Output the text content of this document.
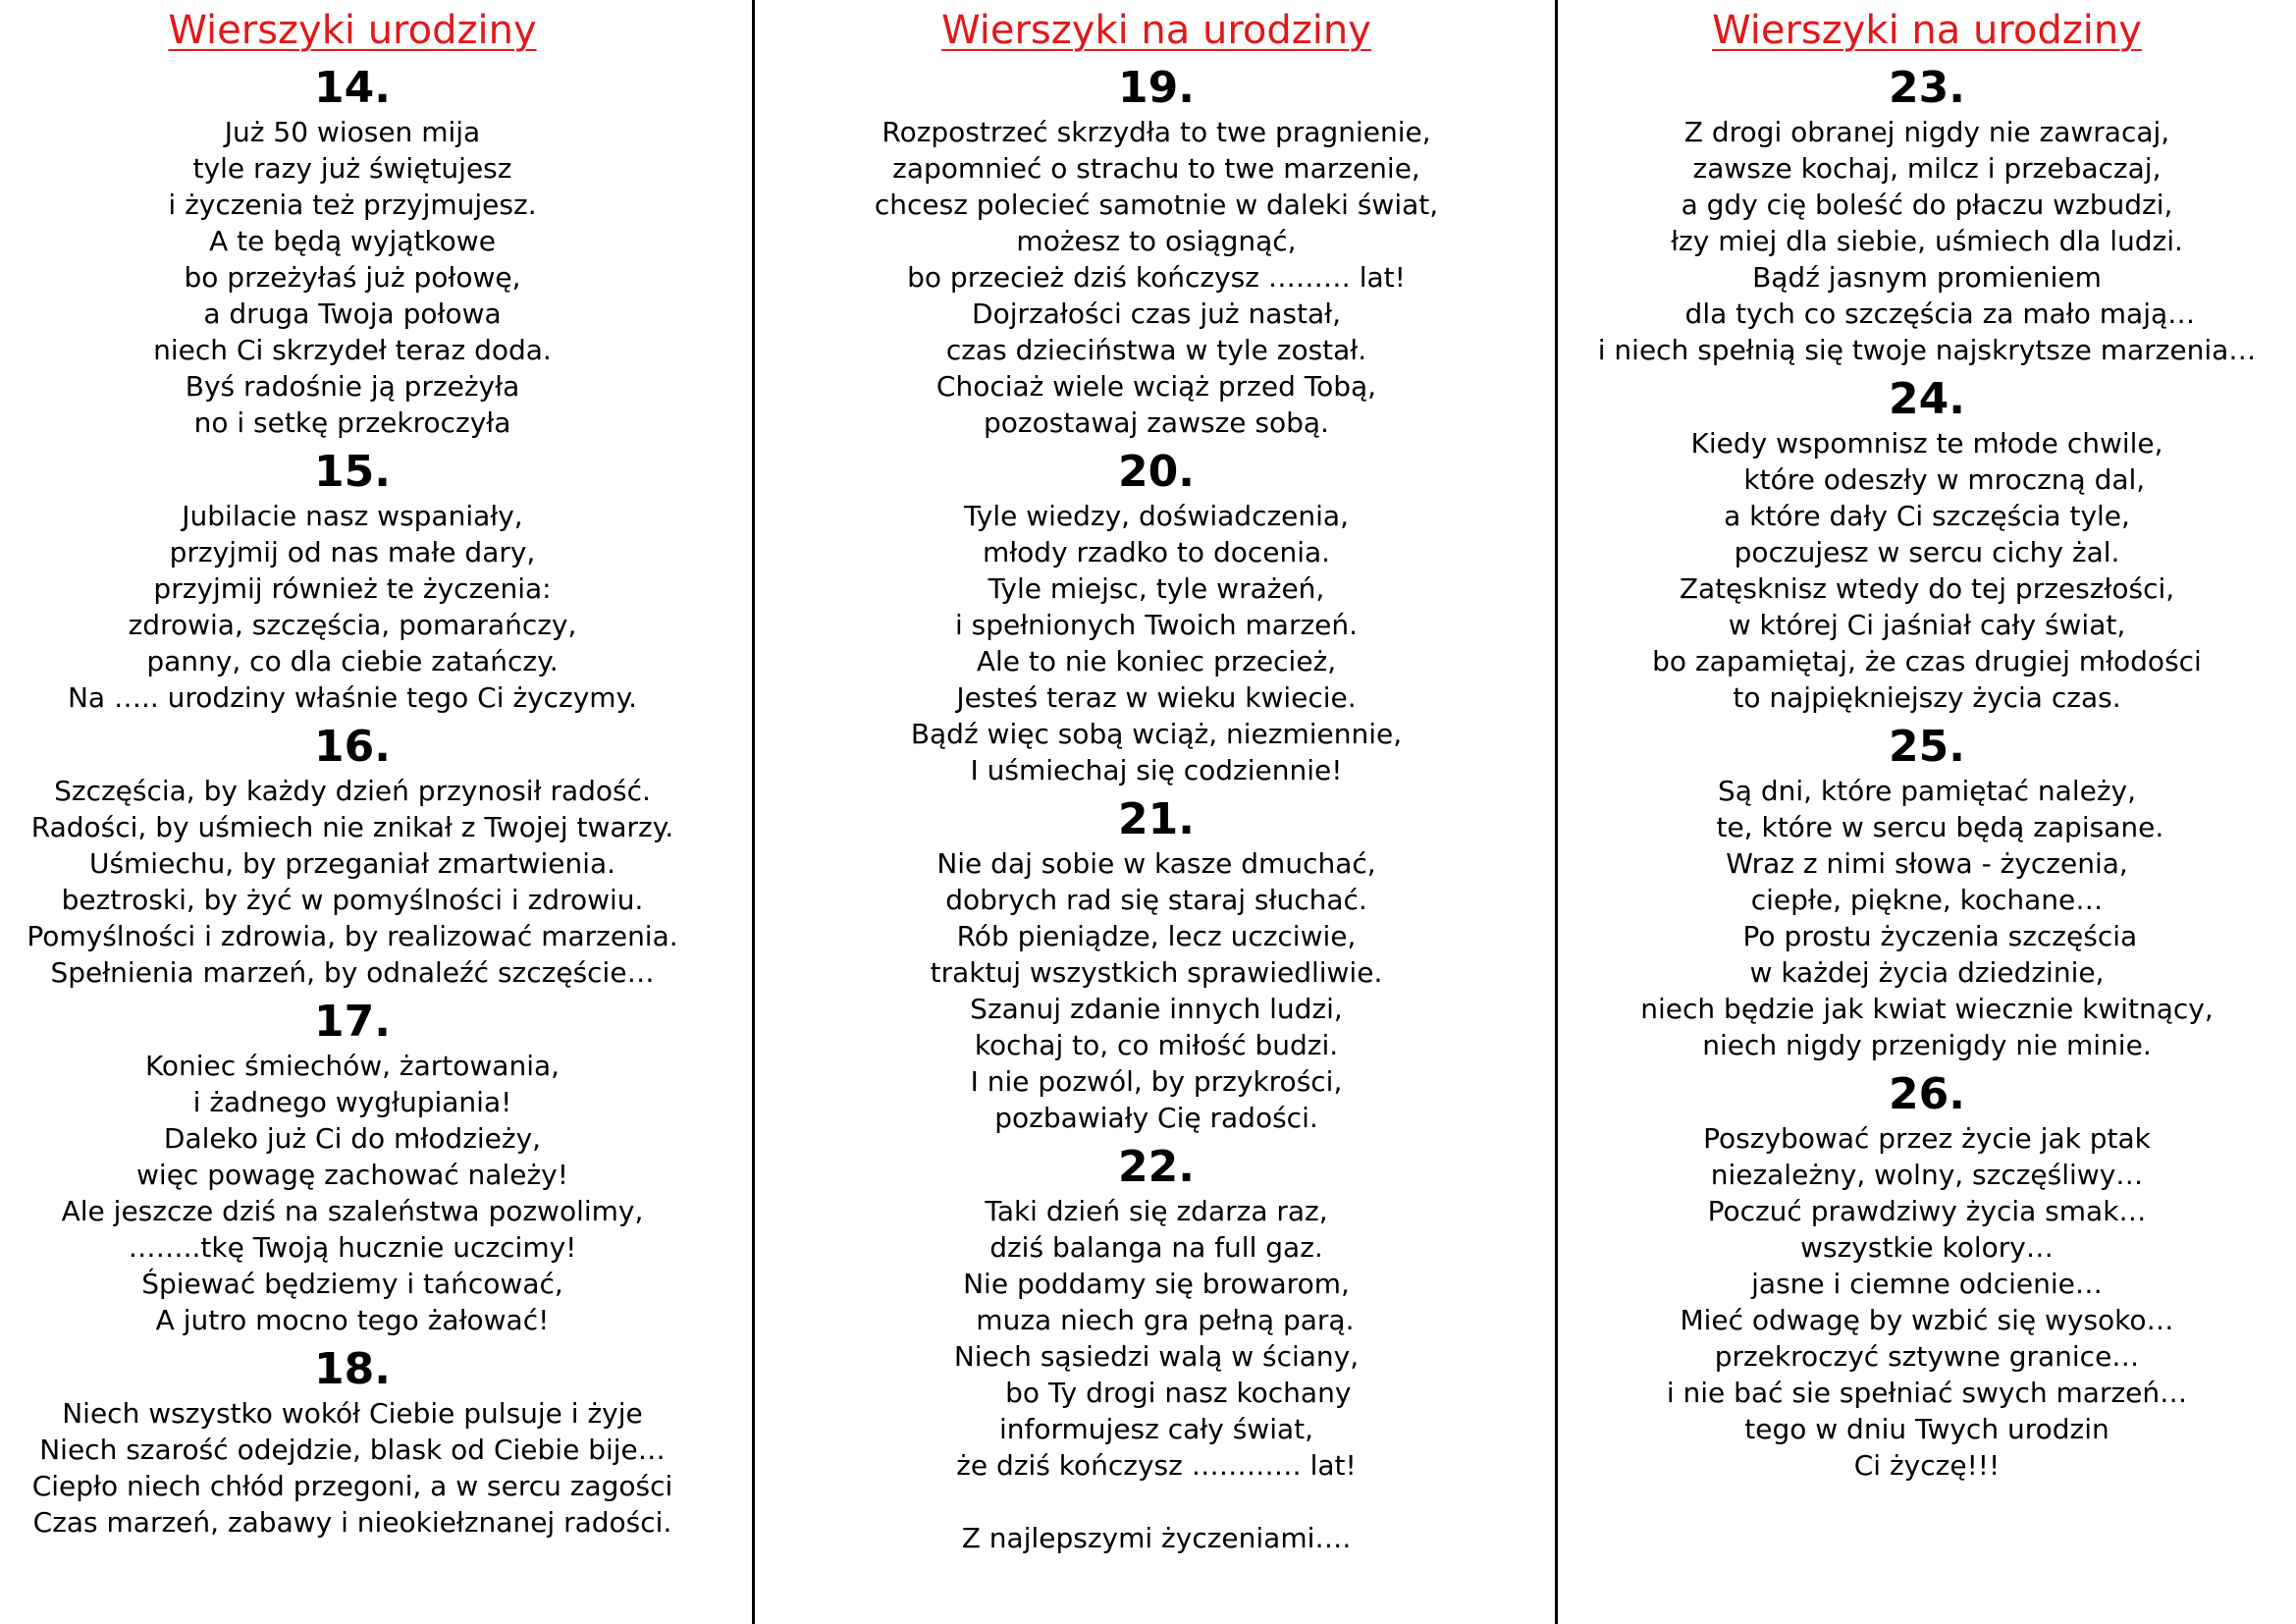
Wierszyki urodziny
14.
Już 50 wiosen mija
tyle razy już świętujesz
i życzenia też przyjmujesz.
A te będą wyjątkowe
bo przeżyłaś już połowę,
a druga Twoja połowa
niech Ci skrzydeł teraz doda.
Byś radośnie ją przeżyła
no i setkę przekroczyła
15.
Jubilacie nasz wspaniały,
przyjmij od nas małe dary,
przyjmij również te życzenia:
zdrowia, szczęścia, pomarańczy,
panny, co dla ciebie zatańczy.
Na ….. urodziny właśnie tego Ci życzymy.
16.
Szczęścia, by każdy dzień przynosił radość.
Radości, by uśmiech nie znikał z Twojej twarzy.
Uśmiechu, by przeganiał zmartwienia.
beztroski, by żyć w pomyślności i zdrowiu.
Pomyślności i zdrowia, by realizować marzenia.
Spełnienia marzeń, by odnaleźć szczęście…
17.
Koniec śmiechów, żartowania,
i żadnego wygłupiania!
Daleko już Ci do młodzieży,
więc powagę zachować należy!
Ale jeszcze dziś na szaleństwa pozwolimy,
……..tkę Twoją hucznie uczcimy!
Śpiewać będziemy i tańcować,
A jutro mocno tego żałować!
18.
Niech wszystko wokół Ciebie pulsuje i żyje
Niech szarość odejdzie, blask od Ciebie bije…
Ciepło niech chłód przegoni, a w sercu zagości
Czas marzeń, zabawy i nieokiełznanej radości.
Wierszyki na urodziny
19.
Rozpostrzeć skrzydła to twe pragnienie,
zapomnieć o strachu to twe marzenie,
chcesz polecieć samotnie w daleki świat,
możesz to osiągnąć,
bo przecież dziś kończysz ……… lat!
Dojrzałości czas już nastał,
czas dzieciństwa w tyle został.
Chociaż wiele wciąż przed Tobą,
pozostawaj zawsze sobą.
20.
Tyle wiedzy, doświadczenia,
młody rzadko to docenia.
Tyle miejsc, tyle wrażeń,
i spełnionych Twoich marzeń.
Ale to nie koniec przecież,
Jesteś teraz w wieku kwiecie.
Bądź więc sobą wciąż, niezmiennie,
I uśmiechaj się codziennie!
21.
Nie daj sobie w kasze dmuchać,
dobrych rad się staraj słuchać.
Rób pieniądze, lecz uczciwie,
traktuj wszystkich sprawiedliwie.
Szanuj zdanie innych ludzi,
kochaj to, co miłość budzi.
I nie pozwól, by przykrości,
pozbawiały Cię radości.
22.
Taki dzień się zdarza raz,
dziś balanga na full gaz.
Nie poddamy się browarom,
muza niech gra pełną parą.
Niech sąsiedzi walą w ściany,
bo Ty drogi nasz kochany
informujesz cały świat,
że dziś kończysz ………… lat!

Z najlepszymi życzeniami….
Wierszyki na urodziny
23.
Z drogi obranej nigdy nie zawracaj,
zawsze kochaj, milcz i przebaczaj,
a gdy cię boleść do płaczu wzbudzi,
łzy miej dla siebie, uśmiech dla ludzi.
Bądź jasnym promieniem
dla tych co szczęścia za mało mają…
i niech spełnią się twoje najskrytsze marzenia…
24.
Kiedy wspomnisz te młode chwile,
które odeszły w mroczną dal,
a które dały Ci szczęścia tyle,
poczujesz w sercu cichy żal.
Zatęsknisz wtedy do tej przeszłości,
w której Ci jaśniał cały świat,
bo zapamiętaj, że czas drugiej młodości
to najpiękniejszy życia czas.
25.
Są dni, które pamiętać należy,
te, które w sercu będą zapisane.
Wraz z nimi słowa - życzenia,
ciepłe, piękne, kochane…
Po prostu życzenia szczęścia
w każdej życia dziedzinie,
niech będzie jak kwiat wiecznie kwitnący,
niech nigdy przenigdy nie minie.
26.
Poszybować przez życie jak ptak
niezależny, wolny, szczęśliwy…
Poczuć prawdziwy życia smak…
wszystkie kolory…
jasne i ciemne odcienie…
Mieć odwagę by wzbić się wysoko…
przekroczyć sztywne granice…
i nie bać sie spełniać swych marzeń…
tego w dniu Twych urodzin
Ci życzę!!!
